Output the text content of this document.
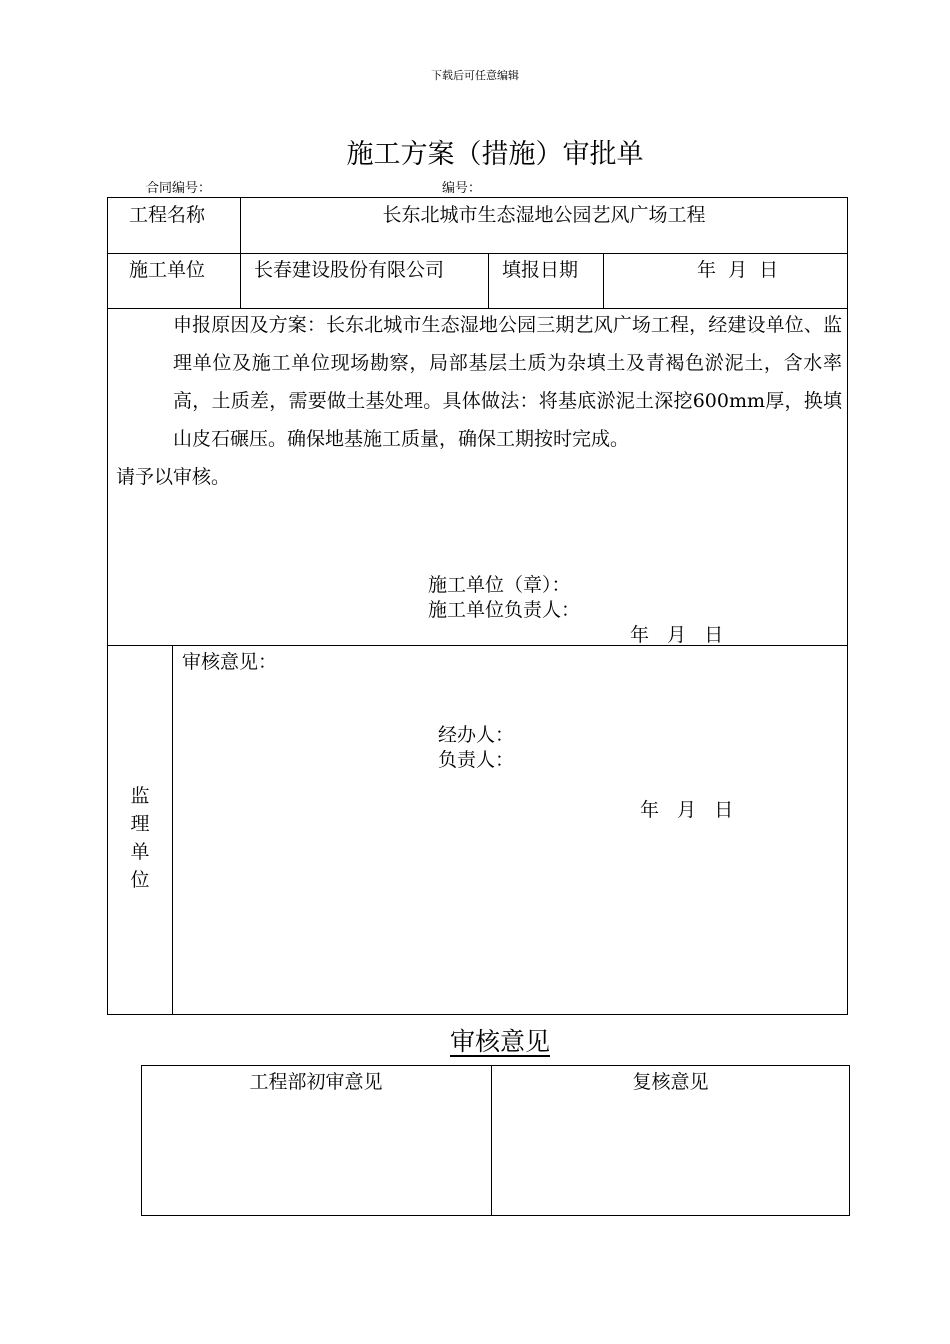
下载后可任意编辑
施工方案（措施）审批单
合同编号：	编号：
工程名称	长东北城市生态湿地公园艺风广场工程
施工单位	长春建设股份有限公司	填报日期	年  月  日
申报原因及方案：长东北城市生态湿地公园三期艺风广场工程，经建设单位、监理单位及施工单位现场勘察，局部基层土质为杂填土及青褐色淤泥土，含水率高，土质差，需要做土基处理。具体做法：将基底淤泥土深挖600mm厚，换填山皮石碾压。确保地基施工质量，确保工期按时完成。
请予以审核。
施工单位（章）：
施工单位负责人：
年   月   日
监
理
单
位
审核意见：
经办人：
负责人：
年   月   日
审核意见
工程部初审意见	复核意见
